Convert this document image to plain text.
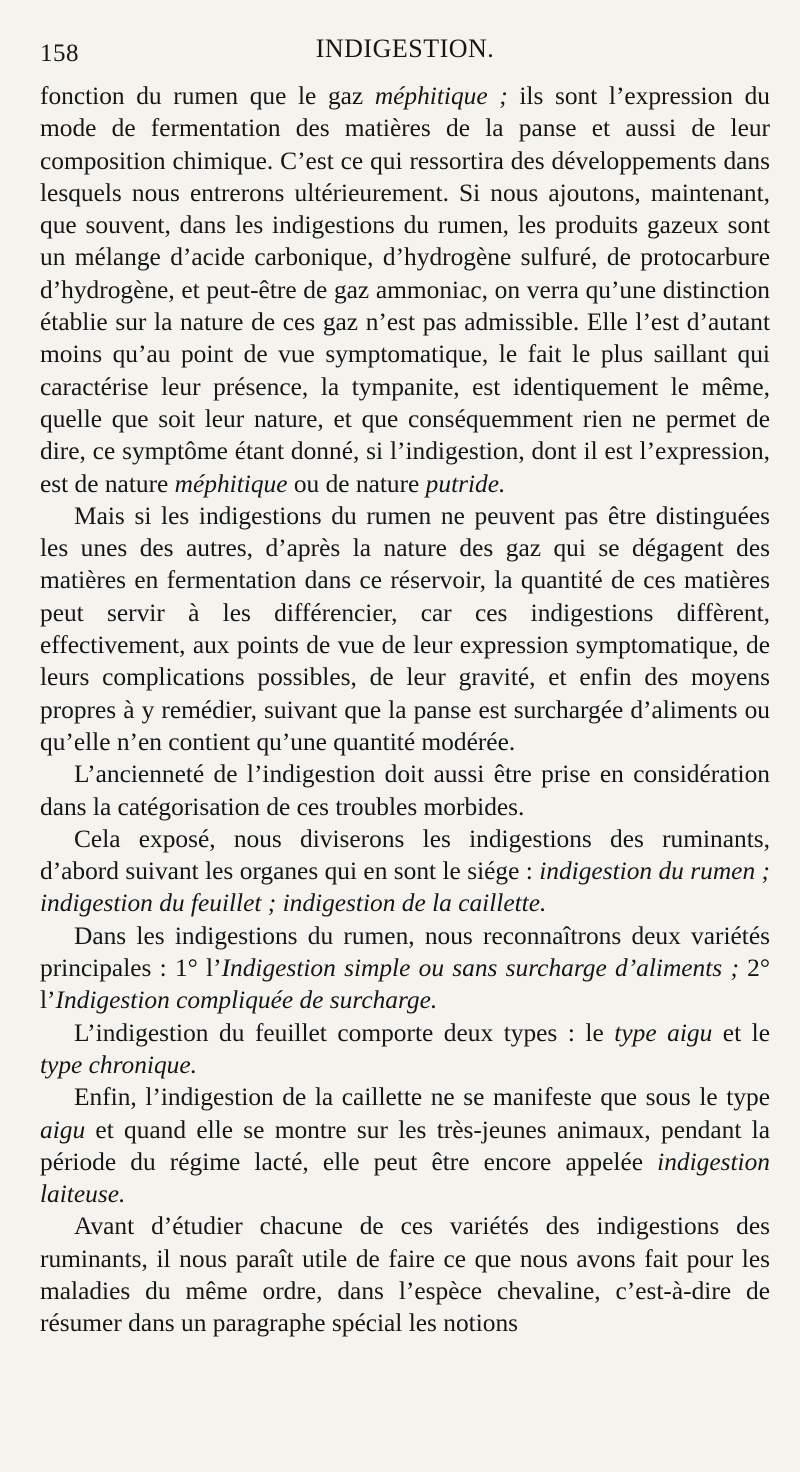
158	INDIGESTION.

fonction du rumen que le gaz méphitique ; ils sont l’expression du mode de fermentation des matières de la panse et aussi de leur composition chimique. C’est ce qui ressortira des développements dans lesquels nous entrerons ultérieurement. Si nous ajoutons, maintenant, que souvent, dans les indigestions du rumen, les produits gazeux sont un mélange d’acide carbonique, d’hydrogène sulfuré, de protocarbure d’hydrogène, et peut-être de gaz ammoniac, on verra qu’une distinction établie sur la nature de ces gaz n’est pas admissible. Elle l’est d’autant moins qu’au point de vue symptomatique, le fait le plus saillant qui caractérise leur présence, la tympanite, est identiquement le même, quelle que soit leur nature, et que conséquemment rien ne permet de dire, ce symptôme étant donné, si l’indigestion, dont il est l’expression, est de nature méphitique ou de nature putride.

Mais si les indigestions du rumen ne peuvent pas être distinguées les unes des autres, d’après la nature des gaz qui se dégagent des matières en fermentation dans ce réservoir, la quantité de ces matières peut servir à les différencier, car ces indigestions diffèrent, effectivement, aux points de vue de leur expression symptomatique, de leurs complications possibles, de leur gravité, et enfin des moyens propres à y remédier, suivant que la panse est surchargée d’aliments ou qu’elle n’en contient qu’une quantité modérée.

L’ancienneté de l’indigestion doit aussi être prise en considération dans la catégorisation de ces troubles morbides.

Cela exposé, nous diviserons les indigestions des ruminants, d’abord suivant les organes qui en sont le siége : indigestion du rumen ; indigestion du feuillet ; indigestion de la caillette.

Dans les indigestions du rumen, nous reconnaîtrons deux variétés principales : 1° l’Indigestion simple ou sans surcharge d’aliments ; 2° l’Indigestion compliquée de surcharge.

L’indigestion du feuillet comporte deux types : le type aigu et le type chronique.

Enfin, l’indigestion de la caillette ne se manifeste que sous le type aigu et quand elle se montre sur les très-jeunes animaux, pendant la période du régime lacté, elle peut être encore appelée indigestion laiteuse.

Avant d’étudier chacune de ces variétés des indigestions des ruminants, il nous paraît utile de faire ce que nous avons fait pour les maladies du même ordre, dans l’espèce chevaline, c’est-à-dire de résumer dans un paragraphe spécial les notions
